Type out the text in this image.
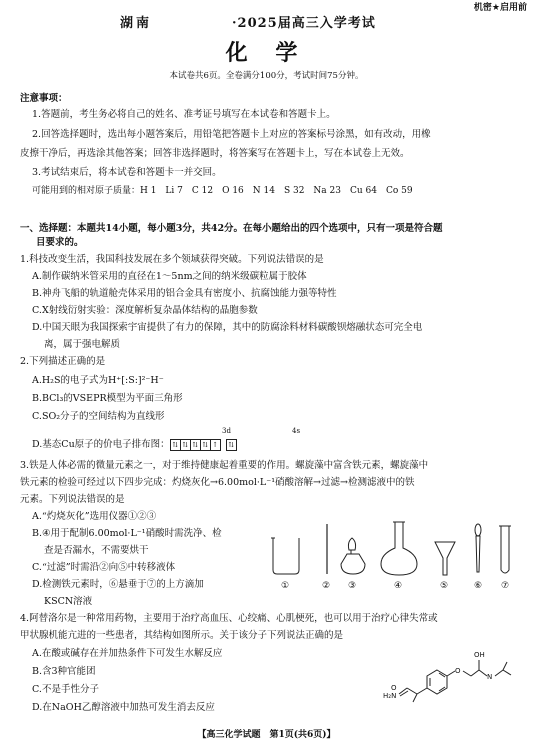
机密★启用前
湖南	·2025届高三入学考试
化 学
本试卷共6页。全卷满分100分，考试时间75分钟。
注意事项：
1.答题前，考生务必将自己的姓名、准考证号填写在本试卷和答题卡上。
2.回答选择题时，选出每小题答案后，用铅笔把答题卡上对应的答案标号涂黑，如有改动，用橡
皮擦干净后，再选涂其他答案；回答非选择题时，将答案写在答题卡上，写在本试卷上无效。
3.考试结束后，将本试卷和答题卡一并交回。
可能用到的相对原子质量：H 1　Li 7　C 12　O 16　N 14　S 32　Na 23　Cu 64　Co 59
一、选择题：本题共14小题，每小题3分，共42分。在每小题给出的四个选项中，只有一项是符合题
目要求的。
1.科技改变生活，我国科技发展在多个领域获得突破。下列说法错误的是
A.制作碳纳米管采用的直径在1～5nm之间的纳米级碳粒属于胶体
B.神舟飞船的轨道舱壳体采用的铝合金具有密度小、抗腐蚀能力强等特性
C.X射线衍射实验：深度解析复杂晶体结构的晶胞参数
D.中国天眼为我国探索宇宙提供了有力的保障，其中的防腐涂料材料碳酸钡熔融状态可完全电
离，属于强电解质
2.下列描述正确的是
A.H₂S的电子式为H⁺[:S:]²⁻H⁻
B.BCl₃的VSEPR模型为平面三角形
C.SO₂分子的空间结构为直线形
3d	4s
D.基态Cu原子的价电子排布图： ⇅ ⇅ ⇅ ⇅ ↑ ⇅
3.铁是人体必需的微量元素之一，对于维持健康起着重要的作用。螺旋藻中富含铁元素，螺旋藻中
铁元素的检验可经过以下四步完成：灼烧灰化→6.00mol·L⁻¹硝酸溶解→过滤→检测滤液中的铁
元素。下列说法错误的是
A.“灼烧灰化”选用仪器①②③
B.④用于配制6.00mol·L⁻¹硝酸时需洗净、检
查是否漏水，不需要烘干
C.“过滤”时需沿②向⑤中转移液体
D.检测铁元素时，⑥悬垂于⑦的上方滴加
KSCN溶液
①	② ③	④	⑤	⑥ ⑦
4.阿替洛尔是一种常用药物，主要用于治疗高血压、心绞痛、心肌梗死，也可以用于治疗心律失常或
甲状腺机能亢进的一些患者，其结构如图所示。关于该分子下列说法正确的是
A.在酸或碱存在并加热条件下可发生水解反应
B.含3种官能团
C.不是手性分子
D.在NaOH乙醇溶液中加热可发生消去反应
OH
O
N
H₂N
O
【高三化学试题　第1页(共6页)】
